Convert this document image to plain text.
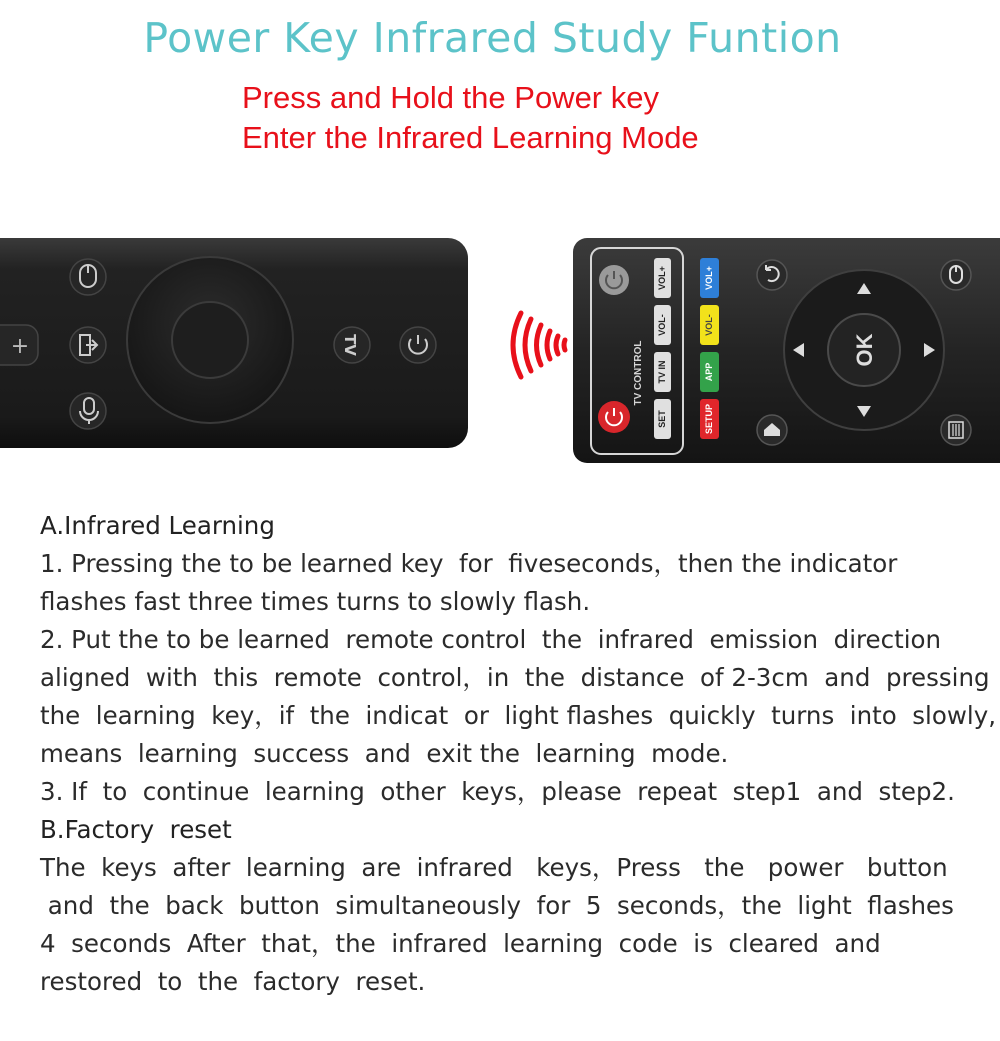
Power Key Infrared Study Funtion
Press and Hold the Power key
Enter the Infrared Learning Mode
+	TV	TV CONTROL
VOL+
VOL-
TV IN
SET
VOL+
VOL-
APP
SETUP
OK

A.Infrared Learning

1. Pressing the to be learned key  for  fiveseconds，then the indicator

flashes fast three times turns to slowly flash.

2. Put the to be learned  remote control  the  infrared  emission  direction

aligned  with  this  remote  control，in  the  distance  of 2-3cm  and  pressing

the  learning  key，if  the  indicat  or  light flashes  quickly  turns  into  slowly,

means  learning  success  and  exit the  learning  mode.

3. If  to  continue  learning  other  keys，please  repeat  step1  and  step2.

B.Factory  reset

The  keys  after  learning  are  infrared   keys，Press   the   power   button

and  the  back  button  simultaneously  for  5  seconds，the  light  flashes

4  seconds  After  that，the  infrared  learning  code  is  cleared  and

restored  to  the  factory  reset.
